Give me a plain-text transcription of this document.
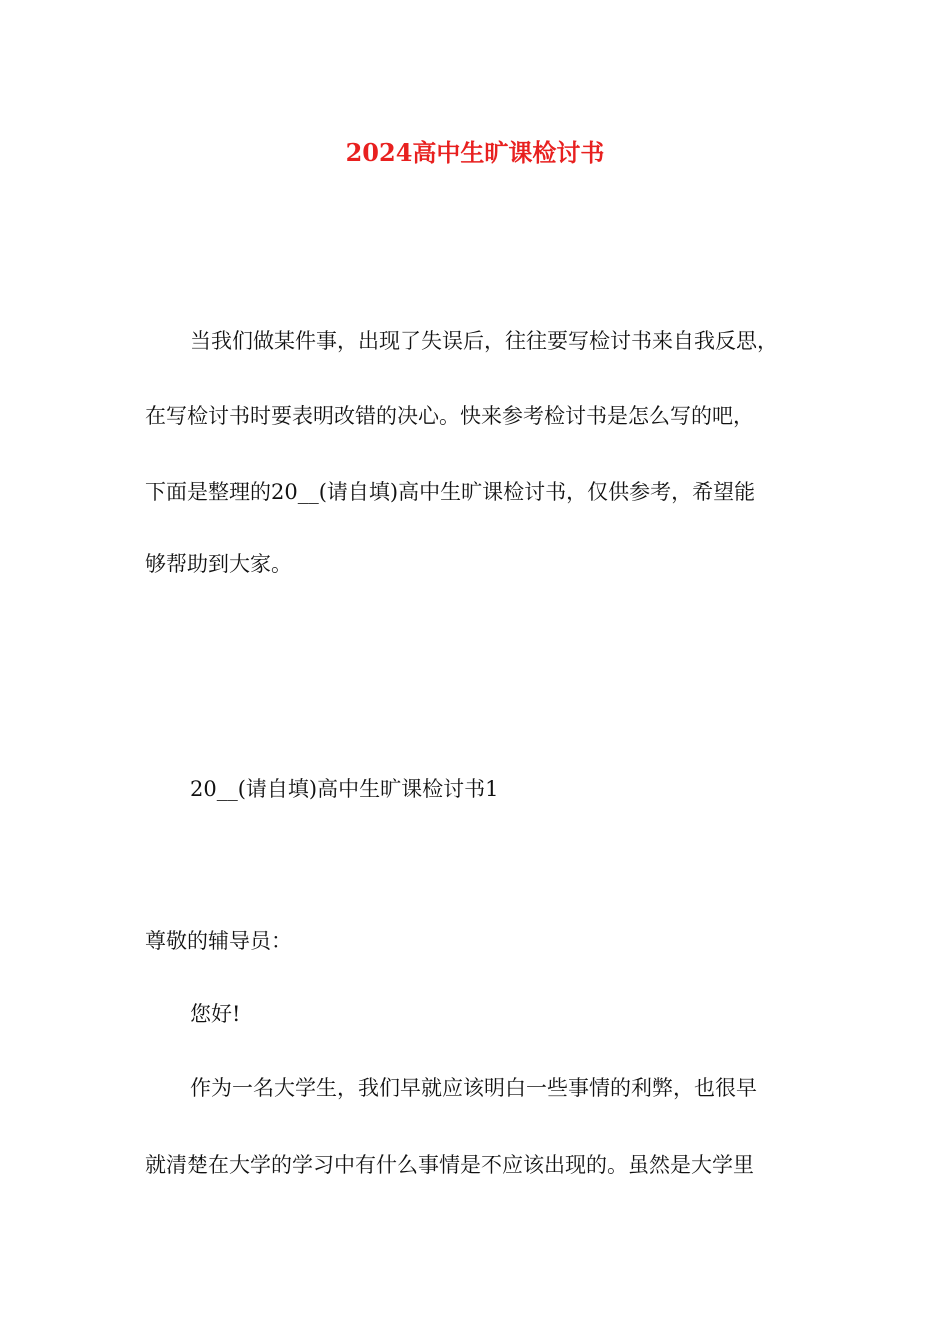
2024高中生旷课检讨书
当我们做某件事，出现了失误后，往往要写检讨书来自我反思，
在写检讨书时要表明改错的决心。快来参考检讨书是怎么写的吧，
下面是整理的20__(请自填)高中生旷课检讨书，仅供参考，希望能
够帮助到大家。
20__(请自填)高中生旷课检讨书1
尊敬的辅导员：
您好!
作为一名大学生，我们早就应该明白一些事情的利弊，也很早
就清楚在大学的学习中有什么事情是不应该出现的。虽然是大学里
